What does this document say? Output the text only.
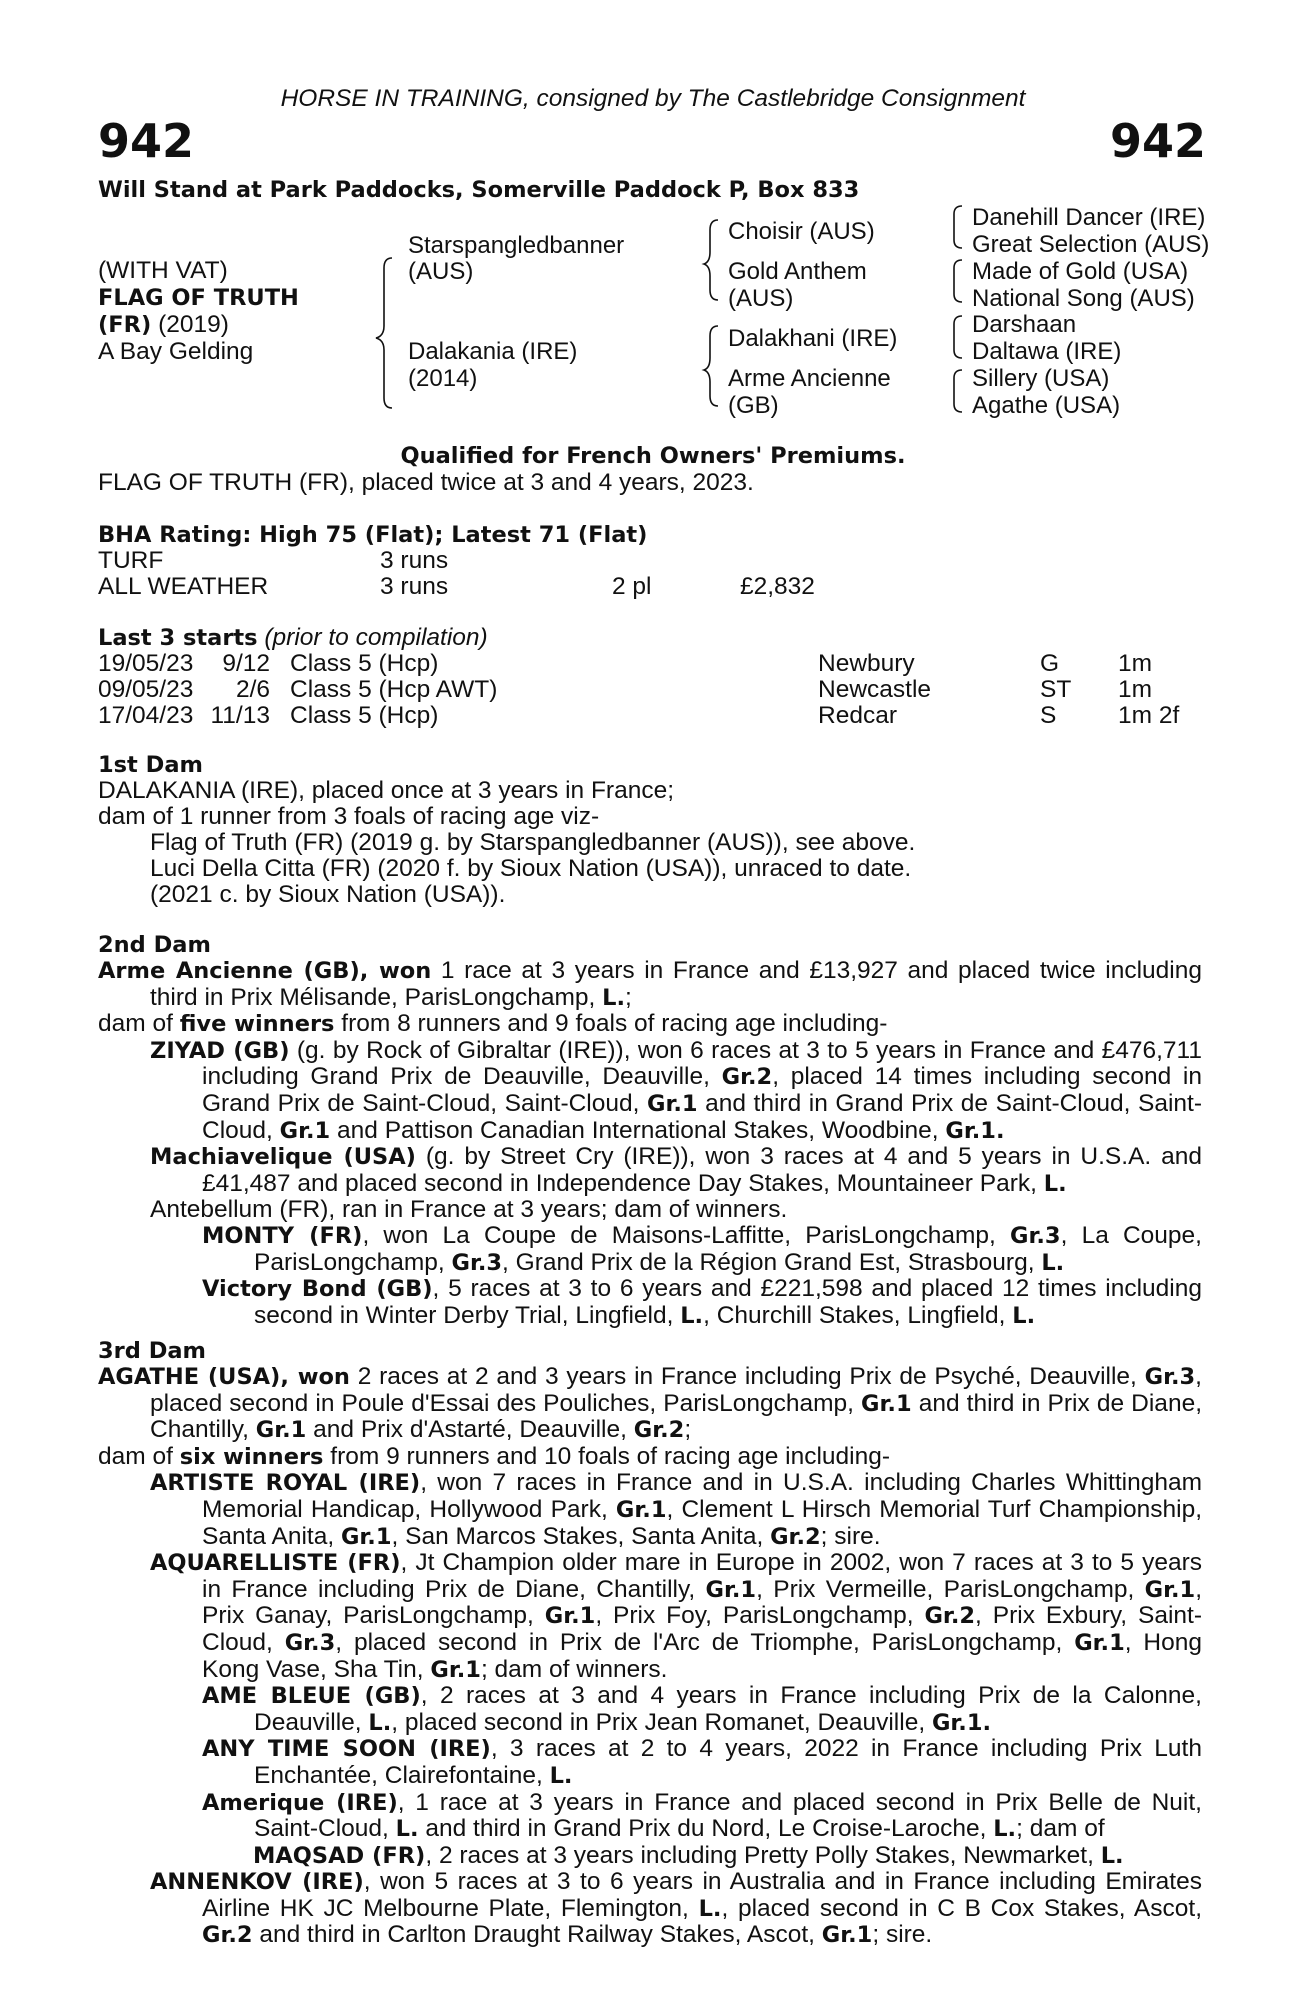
HORSE IN TRAINING, consigned by The Castlebridge Consignment
942	942
Will Stand at Park Paddocks, Somerville Paddock P, Box 833
(WITH VAT)
FLAG OF TRUTH
(FR) (2019)
A Bay Gelding
Starspangledbanner
(AUS)
Dalakania (IRE)
(2014)
Choisir (AUS)
Gold Anthem
(AUS)
Dalakhani (IRE)
Arme Ancienne
(GB)
Danehill Dancer (IRE)
Great Selection (AUS)
Made of Gold (USA)
National Song (AUS)
Darshaan
Daltawa (IRE)
Sillery (USA)
Agathe (USA)
Qualified for French Owners' Premiums.
FLAG OF TRUTH (FR), placed twice at 3 and 4 years, 2023.
BHA Rating: High 75 (Flat); Latest 71 (Flat)
TURF	3 runs
ALL WEATHER	3 runs	2 pl	£2,832
Last 3 starts (prior to compilation)
19/05/23	9/12 Class 5 (Hcp)	Newbury	G 1m
09/05/23	2/6 Class 5 (Hcp AWT)	Newcastle	ST 1m
17/04/23 11/13 Class 5 (Hcp)	Redcar	S	1m 2f
1st Dam
DALAKANIA (IRE), placed once at 3 years in France;
dam of 1 runner from 3 foals of racing age viz-
Flag of Truth (FR) (2019 g. by Starspangledbanner (AUS)), see above.
Luci Della Citta (FR) (2020 f. by Sioux Nation (USA)), unraced to date.
(2021 c. by Sioux Nation (USA)).
2nd Dam

Arme Ancienne (GB), won 1 race at 3 years in France and £13,927 and placed twice including third in Prix Mélisande, ParisLongchamp, L.;

dam of five winners from 8 runners and 9 foals of racing age including-

ZIYAD (GB) (g. by Rock of Gibraltar (IRE)), won 6 races at 3 to 5 years in France and £476,711 including Grand Prix de Deauville, Deauville, Gr.2, placed 14 times including second in Grand Prix de Saint-Cloud, Saint-Cloud, Gr.1 and third in Grand Prix de Saint-Cloud, Saint-Cloud, Gr.1 and Pattison Canadian International Stakes, Woodbine, Gr.1.

Machiavelique (USA) (g. by Street Cry (IRE)), won 3 races at 4 and 5 years in U.S.A. and £41,487 and placed second in Independence Day Stakes, Mountaineer Park, L.

Antebellum (FR), ran in France at 3 years; dam of winners.

MONTY (FR), won La Coupe de Maisons-Laffitte, ParisLongchamp, Gr.3, La Coupe, ParisLongchamp, Gr.3, Grand Prix de la Région Grand Est, Strasbourg, L.

Victory Bond (GB), 5 races at 3 to 6 years and £221,598 and placed 12 times including second in Winter Derby Trial, Lingfield, L., Churchill Stakes, Lingfield, L.

3rd Dam

AGATHE (USA), won 2 races at 2 and 3 years in France including Prix de Psyché, Deauville, Gr.3, placed second in Poule d'Essai des Pouliches, ParisLongchamp, Gr.1 and third in Prix de Diane, Chantilly, Gr.1 and Prix d'Astarté, Deauville, Gr.2;

dam of six winners from 9 runners and 10 foals of racing age including-

ARTISTE ROYAL (IRE), won 7 races in France and in U.S.A. including Charles Whittingham Memorial Handicap, Hollywood Park, Gr.1, Clement L Hirsch Memorial Turf Championship, Santa Anita, Gr.1, San Marcos Stakes, Santa Anita, Gr.2; sire.

AQUARELLISTE (FR), Jt Champion older mare in Europe in 2002, won 7 races at 3 to 5 years in France including Prix de Diane, Chantilly, Gr.1, Prix Vermeille, ParisLongchamp, Gr.1, Prix Ganay, ParisLongchamp, Gr.1, Prix Foy, ParisLongchamp, Gr.2, Prix Exbury, Saint-Cloud, Gr.3, placed second in Prix de l'Arc de Triomphe, ParisLongchamp, Gr.1, Hong Kong Vase, Sha Tin, Gr.1; dam of winners.

AME BLEUE (GB), 2 races at 3 and 4 years in France including Prix de la Calonne, Deauville, L., placed second in Prix Jean Romanet, Deauville, Gr.1.

ANY TIME SOON (IRE), 3 races at 2 to 4 years, 2022 in France including Prix Luth Enchantée, Clairefontaine, L.

Amerique (IRE), 1 race at 3 years in France and placed second in Prix Belle de Nuit, Saint-Cloud, L. and third in Grand Prix du Nord, Le Croise-Laroche, L.; dam of

MAQSAD (FR), 2 races at 3 years including Pretty Polly Stakes, Newmarket, L.

ANNENKOV (IRE), won 5 races at 3 to 6 years in Australia and in France including Emirates Airline HK JC Melbourne Plate, Flemington, L., placed second in C B Cox Stakes, Ascot, Gr.2 and third in Carlton Draught Railway Stakes, Ascot, Gr.1; sire.
